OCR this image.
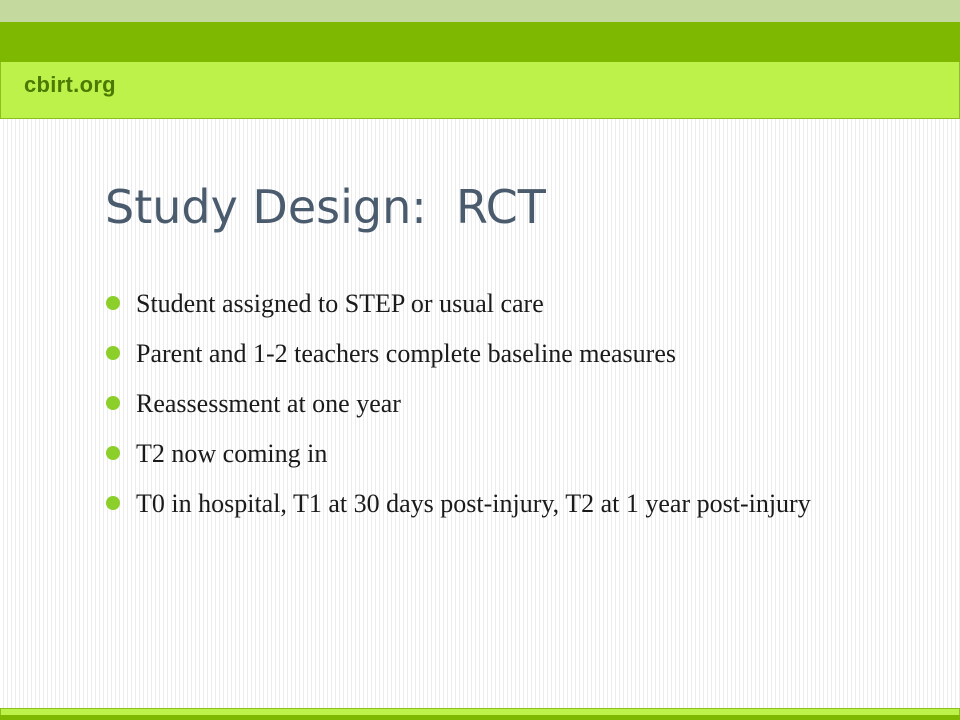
cbirt.org
Study Design:  RCT
Student assigned to STEP or usual care
Parent and 1-2 teachers complete baseline measures
Reassessment at one year
T2 now coming in
T0 in hospital, T1 at 30 days post-injury, T2 at 1 year post-injury
